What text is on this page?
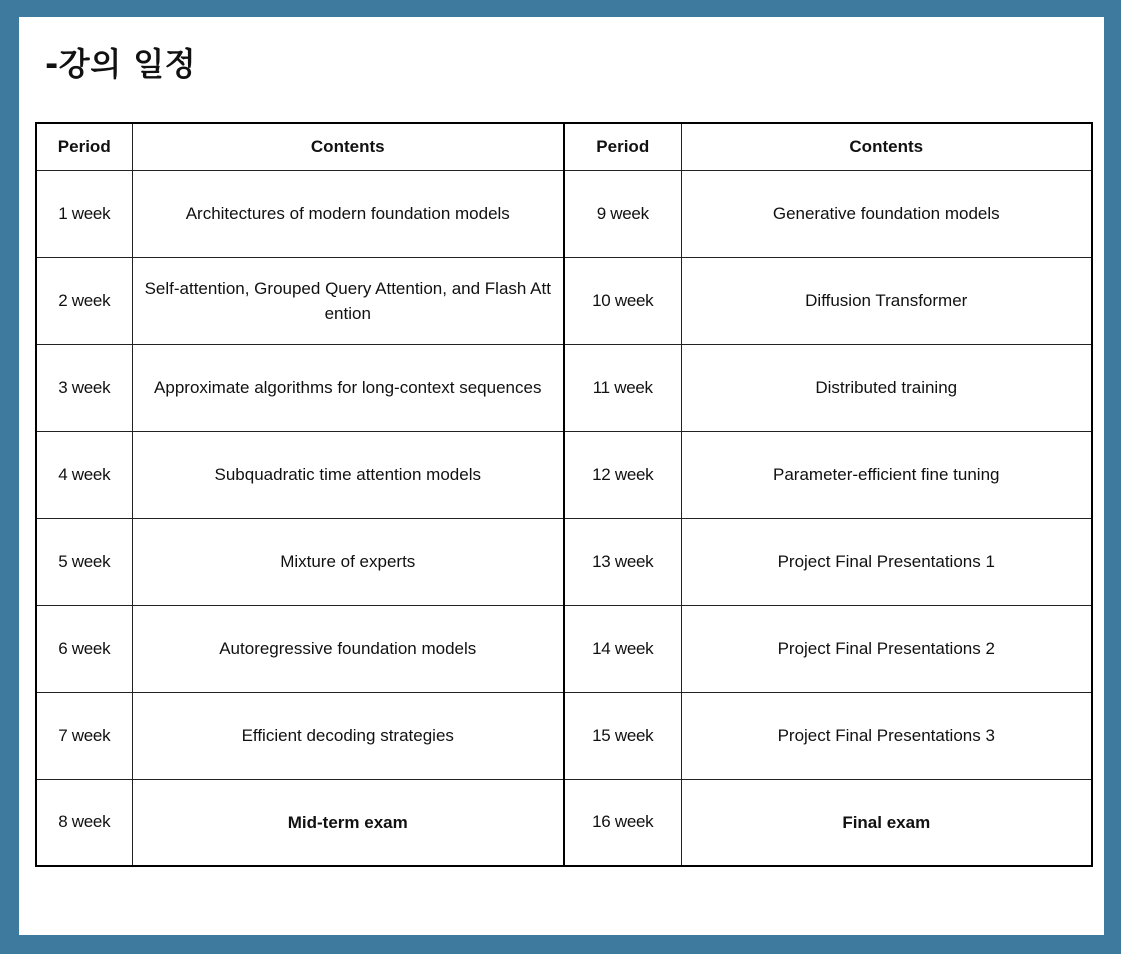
-강의 일정
Period	Contents	Period	Contents
1 week	Architectures of modern foundation models	9 week	Generative foundation models
2 week	Self-attention, Grouped Query Attention, and Flash Attention	10 week	Diffusion Transformer
3 week	Approximate algorithms for long-context sequences	11 week	Distributed training
4 week	Subquadratic time attention models	12 week	Parameter-efficient fine tuning
5 week	Mixture of experts	13 week	Project Final Presentations 1
6 week	Autoregressive foundation models	14 week	Project Final Presentations 2
7 week	Efficient decoding strategies	15 week	Project Final Presentations 3
8 week	Mid-term exam	16 week	Final exam
